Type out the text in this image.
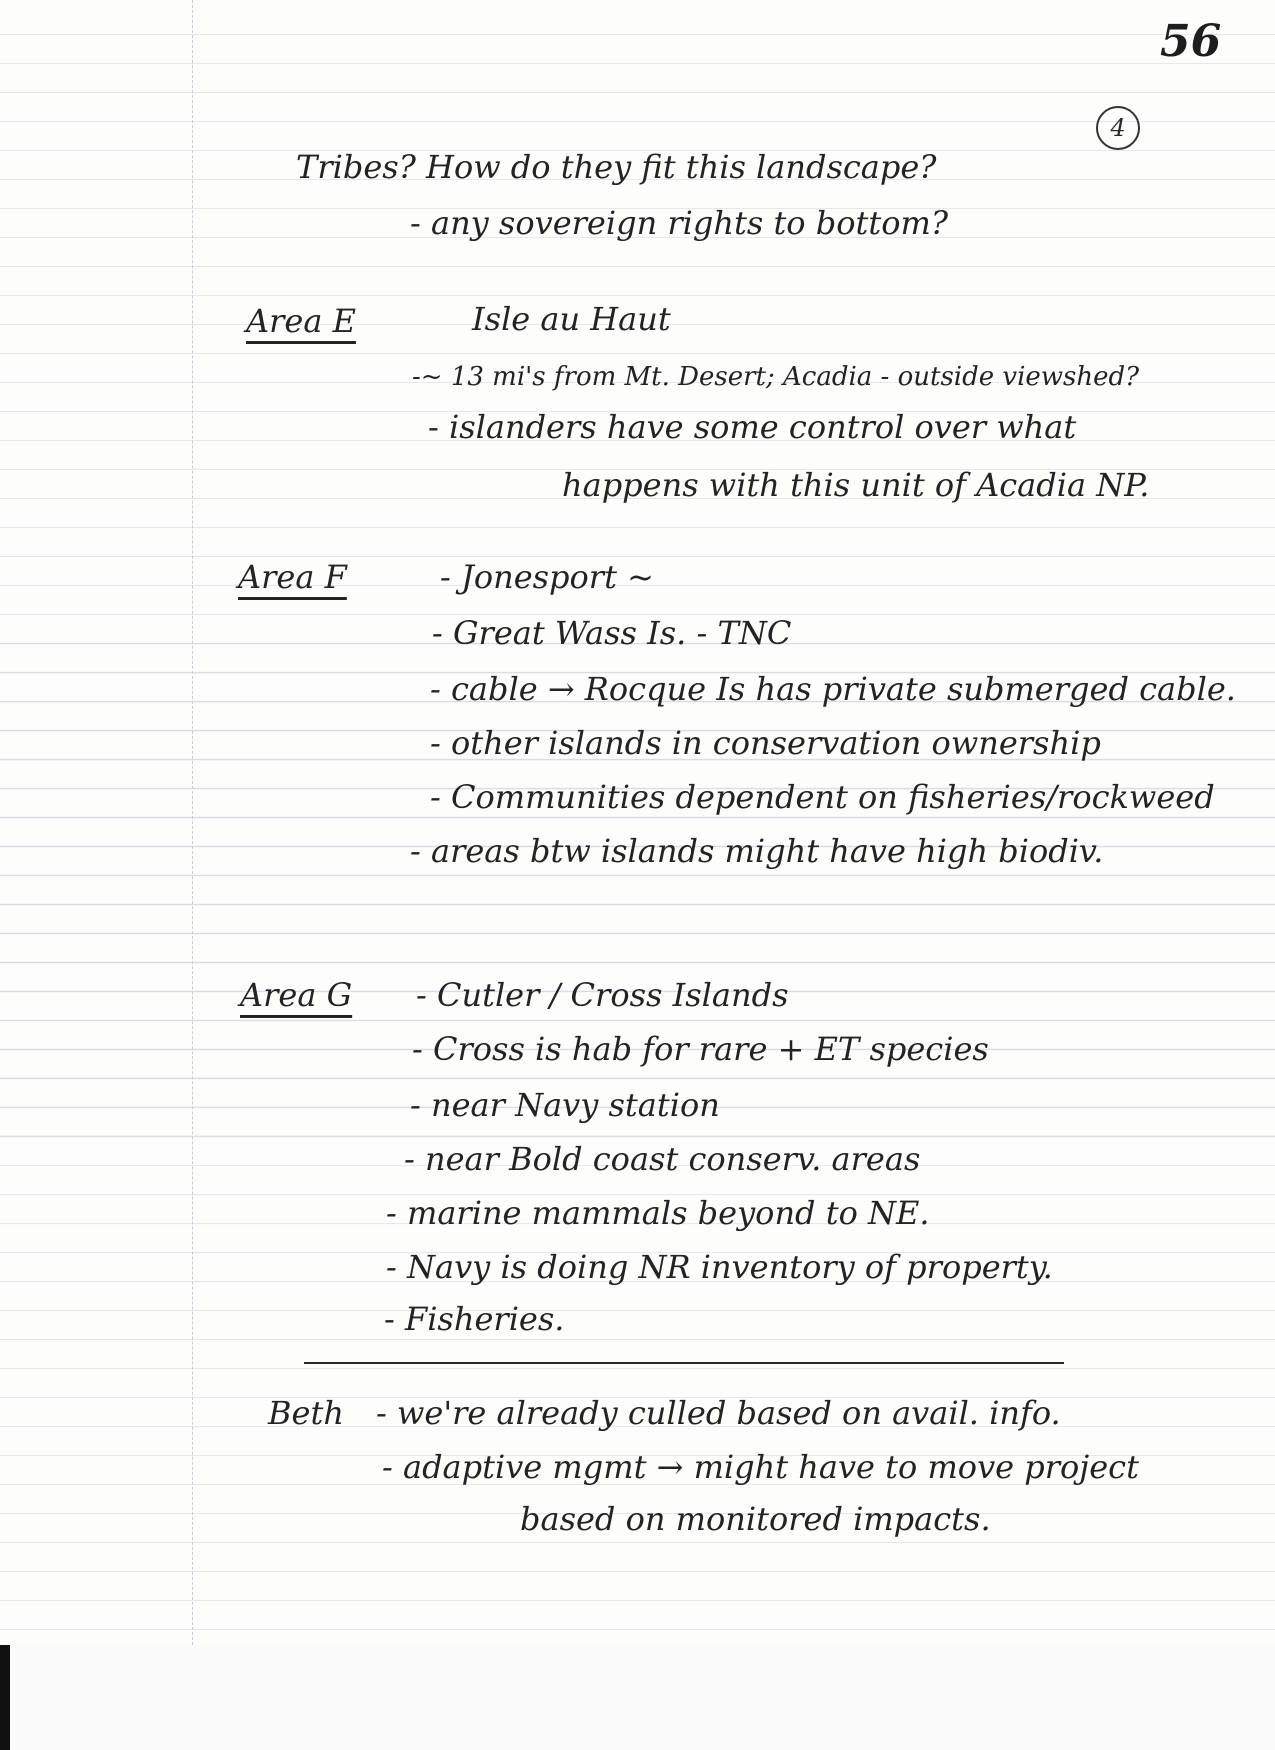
56
4
Tribes? How do they fit this landscape?
- any sovereign rights to bottom?
Area E	Isle au Haut
-~ 13 mi's from Mt. Desert; Acadia - outside viewshed?
- islanders have some control over what
happens with this unit of Acadia NP.
Area F	- Jonesport ~
- Great Wass Is. - TNC
- cable → Rocque Is has private submerged cable.
- other islands in conservation ownership
- Communities dependent on fisheries/rockweed
- areas btw islands might have high biodiv.
Area G - Cutler / Cross Islands
- Cross is hab for rare + ET species
- near Navy station
- near Bold coast conserv. areas
- marine mammals beyond to NE.
- Navy is doing NR inventory of property.
- Fisheries.
Beth - we're already culled based on avail. info.
- adaptive mgmt → might have to move project
based on monitored impacts.
